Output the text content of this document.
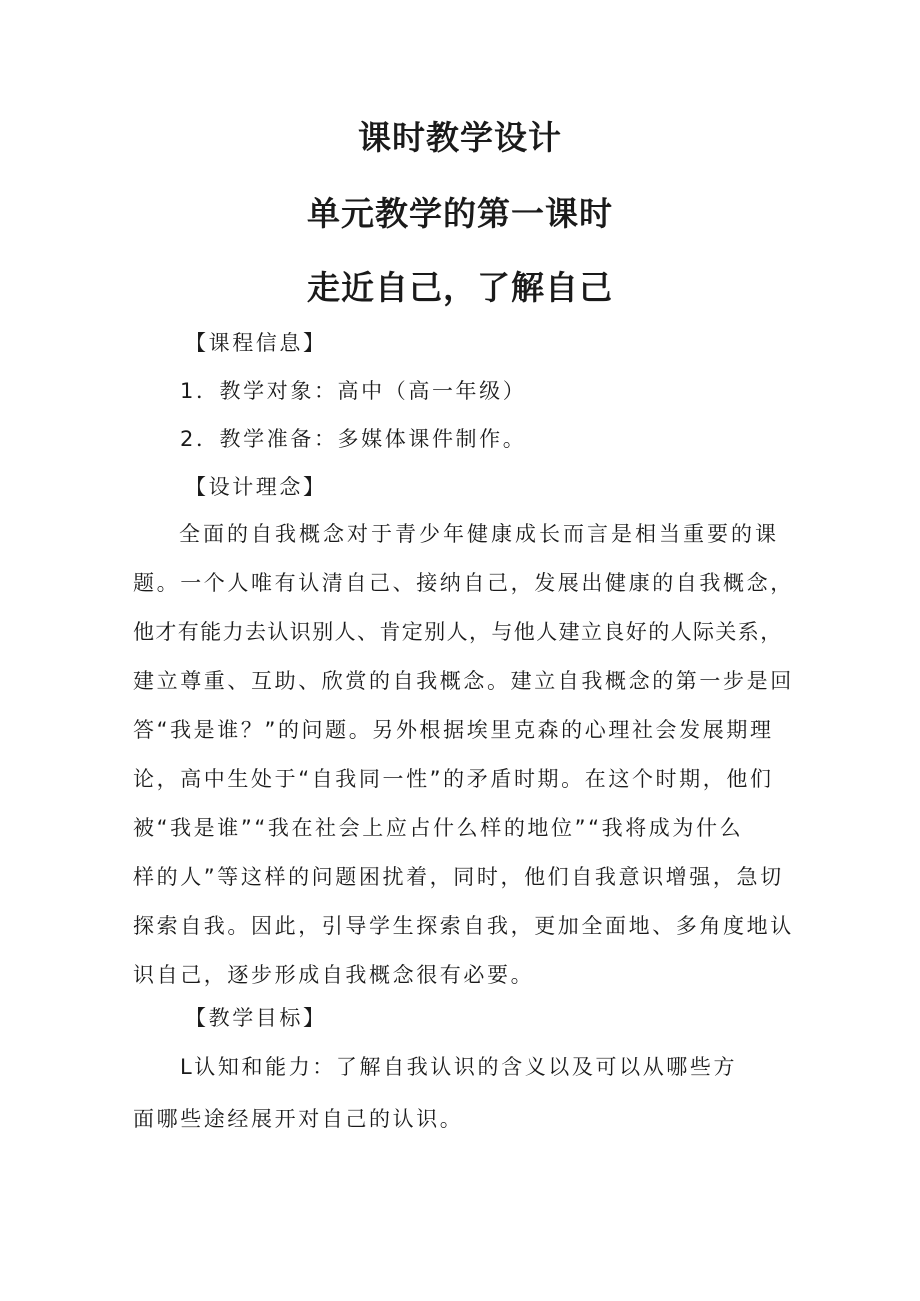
课时教学设计
单元教学的第一课时
走近自己，了解自己
【课程信息】
1．教学对象：高中（高一年级）
2．教学准备：多媒体课件制作。
【设计理念】
全面的自我概念对于青少年健康成长而言是相当重要的课
题。一个人唯有认清自己、接纳自己，发展出健康的自我概念，
他才有能力去认识别人、肯定别人，与他人建立良好的人际关系，
建立尊重、互助、欣赏的自我概念。建立自我概念的第一步是回
答“我是谁？”的问题。另外根据埃里克森的心理社会发展期理
论，高中生处于“自我同一性”的矛盾时期。在这个时期，他们
被“我是谁”“我在社会上应占什么样的地位”“我将成为什么
样的人”等这样的问题困扰着，同时，他们自我意识增强，急切
探索自我。因此，引导学生探索自我，更加全面地、多角度地认
识自己，逐步形成自我概念很有必要。
【教学目标】
L认知和能力：了解自我认识的含义以及可以从哪些方
面哪些途经展开对自己的认识。
